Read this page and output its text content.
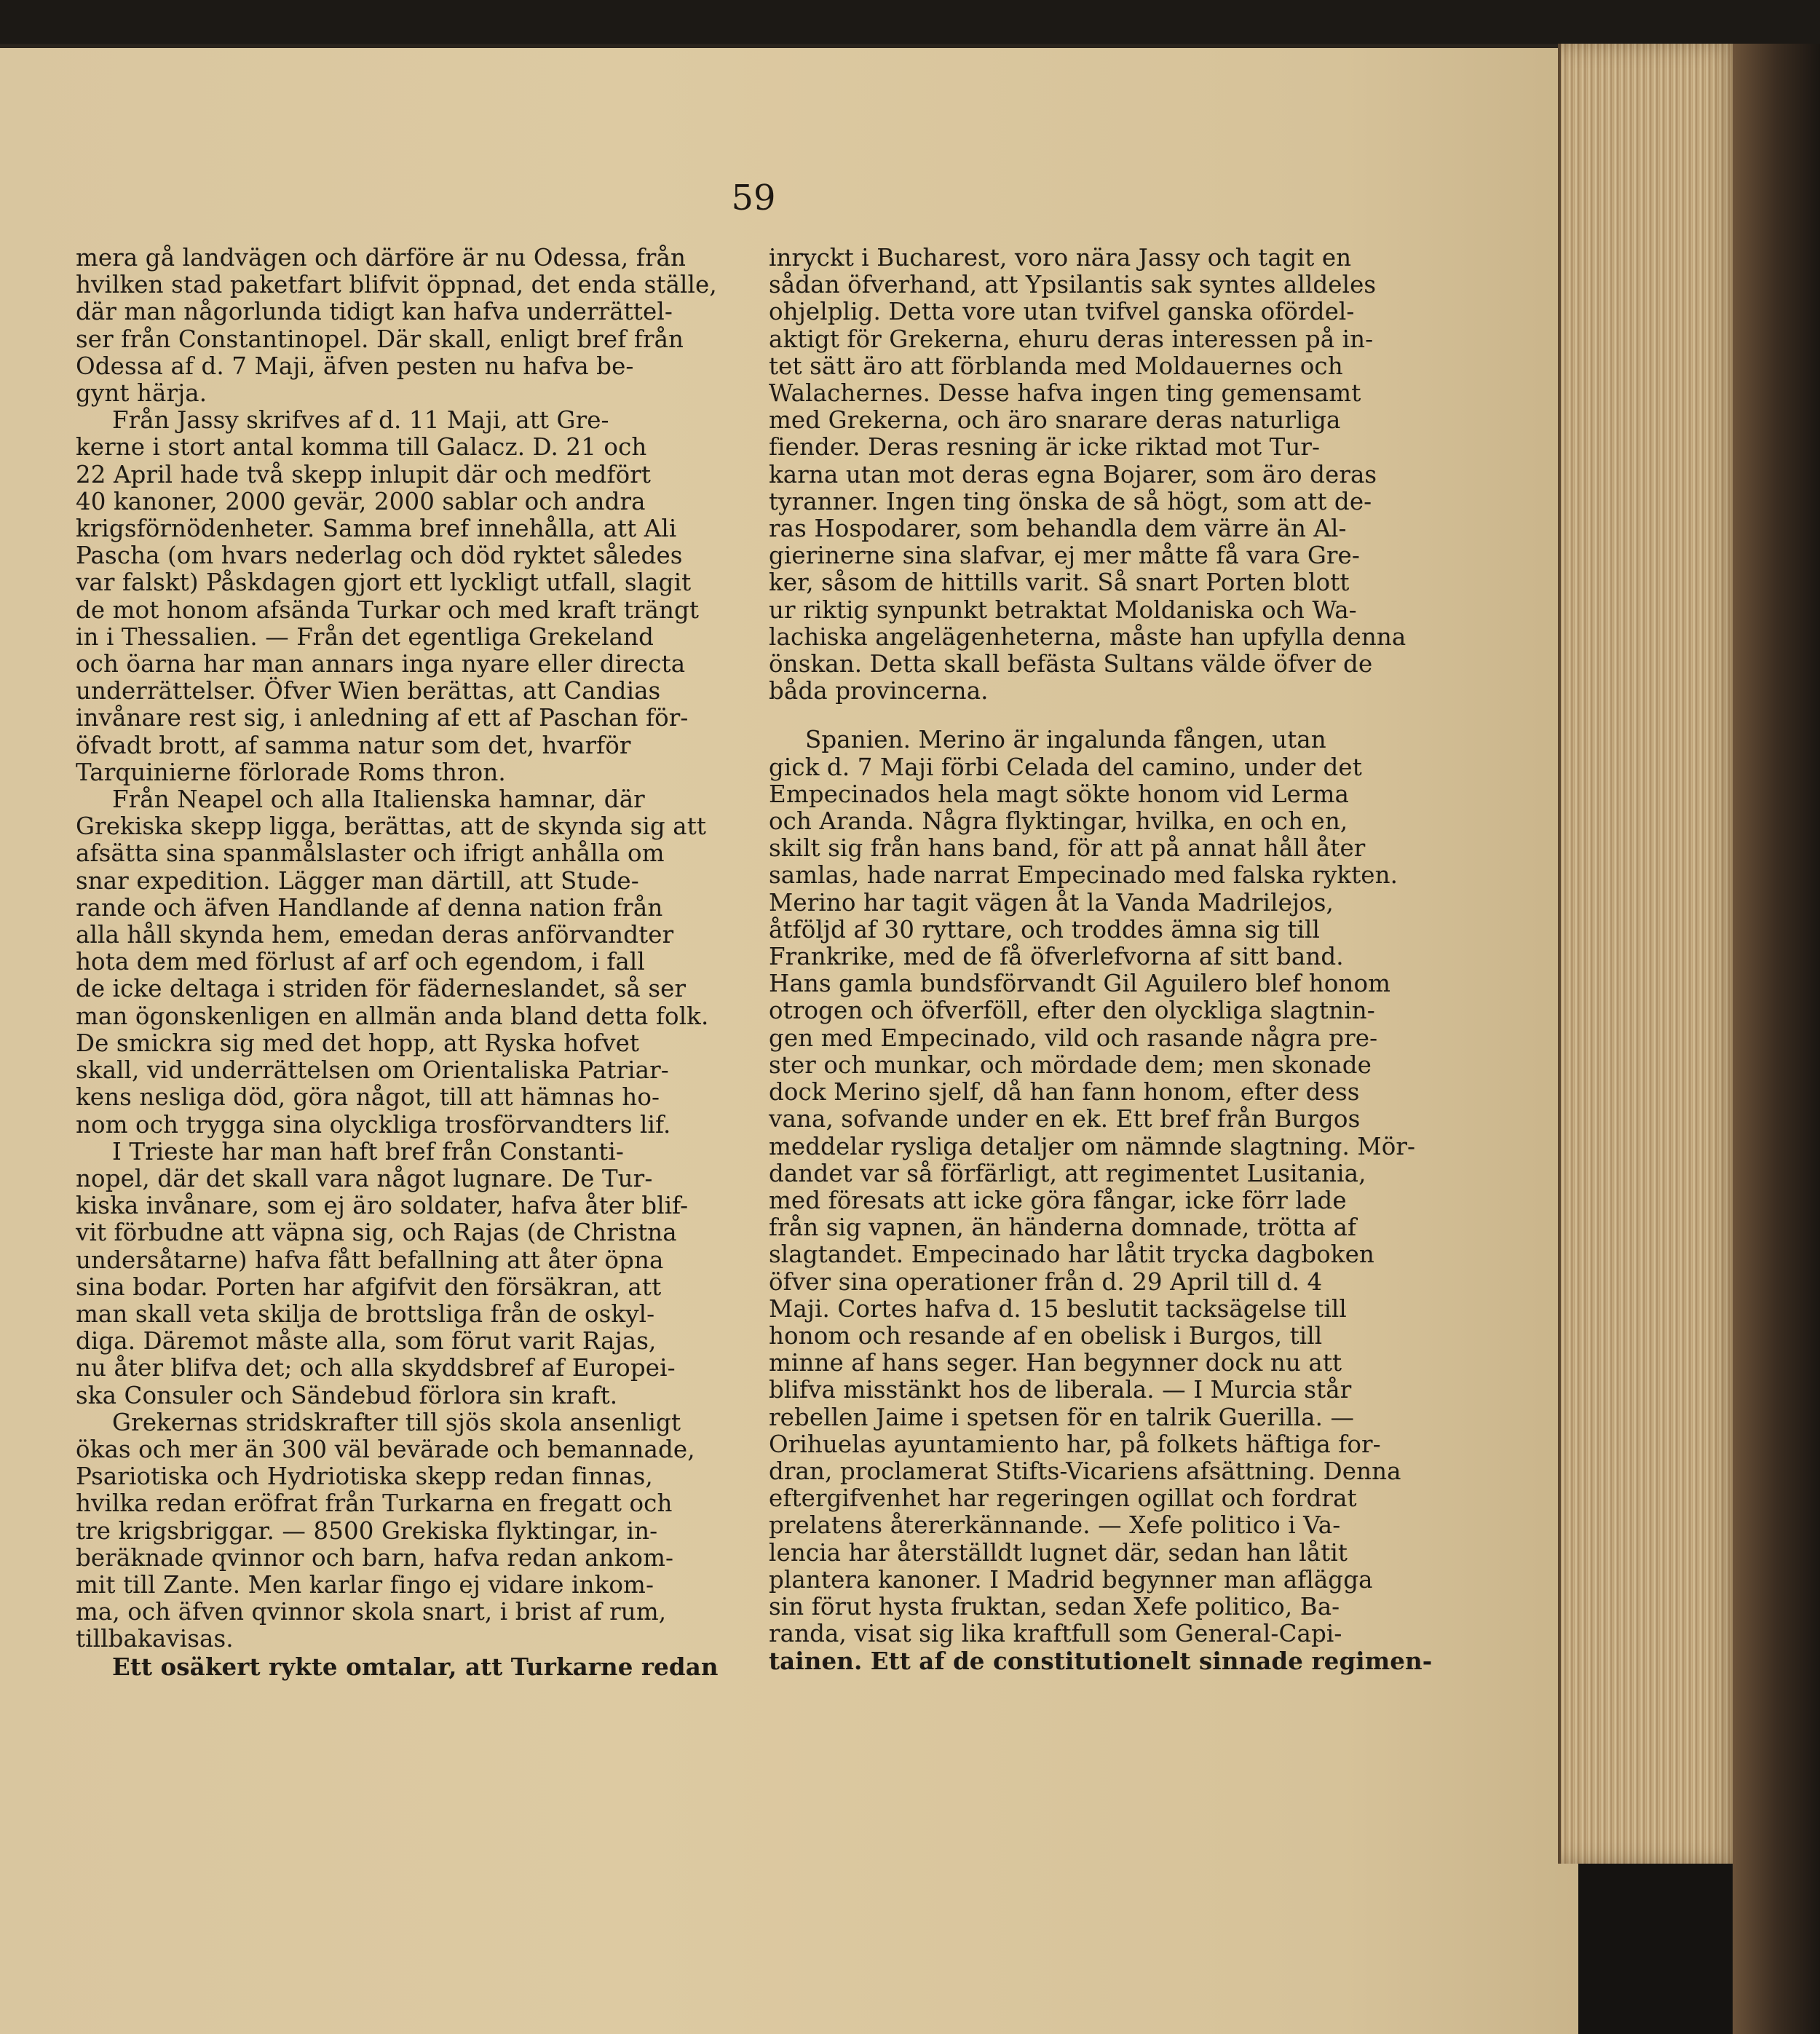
59
mera gå landvägen och därföre är nu Odessa, från
hvilken stad paketfart blifvit öppnad, det enda ställe,
där man någorlunda tidigt kan hafva underrättel-
ser från Constantinopel. Där skall, enligt bref från
Odessa af d. 7 Maji, äfven pesten nu hafva be-
gynt härja.
Från Jassy skrifves af d. 11 Maji, att Gre-
kerne i stort antal komma till Galacz. D. 21 och
22 April hade två skepp inlupit där och medfört
40 kanoner, 2000 gevär, 2000 sablar och andra
krigsförnödenheter. Samma bref innehålla, att Ali
Pascha (om hvars nederlag och död ryktet således
var falskt) Påskdagen gjort ett lyckligt utfall, slagit
de mot honom afsända Turkar och med kraft trängt
in i Thessalien. — Från det egentliga Grekeland
och öarna har man annars inga nyare eller directa
underrättelser. Öfver Wien berättas, att Candias
invånare rest sig, i anledning af ett af Paschan för-
öfvadt brott, af samma natur som det, hvarför
Tarquinierne förlorade Roms thron.
Från Neapel och alla Italienska hamnar, där
Grekiska skepp ligga, berättas, att de skynda sig att
afsätta sina spanmålslaster och ifrigt anhålla om
snar expedition. Lägger man därtill, att Stude-
rande och äfven Handlande af denna nation från
alla håll skynda hem, emedan deras anförvandter
hota dem med förlust af arf och egendom, i fall
de icke deltaga i striden för fäderneslandet, så ser
man ögonskenligen en allmän anda bland detta folk.
De smickra sig med det hopp, att Ryska hofvet
skall, vid underrättelsen om Orientaliska Patriar-
kens nesliga död, göra något, till att hämnas ho-
nom och trygga sina olyckliga trosförvandters lif.
I Trieste har man haft bref från Constanti-
nopel, där det skall vara något lugnare. De Tur-
kiska invånare, som ej äro soldater, hafva åter blif-
vit förbudne att väpna sig, och Rajas (de Christna
undersåtarne) hafva fått befallning att åter öpna
sina bodar. Porten har afgifvit den försäkran, att
man skall veta skilja de brottsliga från de oskyl-
diga. Däremot måste alla, som förut varit Rajas,
nu åter blifva det; och alla skyddsbref af Europei-
ska Consuler och Sändebud förlora sin kraft.
Grekernas stridskrafter till sjös skola ansenligt
ökas och mer än 300 väl bevärade och bemannade,
Psariotiska och Hydriotiska skepp redan finnas,
hvilka redan eröfrat från Turkarna en fregatt och
tre krigsbriggar. — 8500 Grekiska flyktingar, in-
beräknade qvinnor och barn, hafva redan ankom-
mit till Zante. Men karlar fingo ej vidare inkom-
ma, och äfven qvinnor skola snart, i brist af rum,
tillbakavisas.
Ett osäkert rykte omtalar, att Turkarne redan
inryckt i Bucharest, voro nära Jassy och tagit en
sådan öfverhand, att Ypsilantis sak syntes alldeles
ohjelplig. Detta vore utan tvifvel ganska ofördel-
aktigt för Grekerna, ehuru deras interessen på in-
tet sätt äro att förblanda med Moldauernes och
Walachernes. Desse hafva ingen ting gemensamt
med Grekerna, och äro snarare deras naturliga
fiender. Deras resning är icke riktad mot Tur-
karna utan mot deras egna Bojarer, som äro deras
tyranner. Ingen ting önska de så högt, som att de-
ras Hospodarer, som behandla dem värre än Al-
gierinerne sina slafvar, ej mer måtte få vara Gre-
ker, såsom de hittills varit. Så snart Porten blott
ur riktig synpunkt betraktat Moldaniska och Wa-
lachiska angelägenheterna, måste han upfylla denna
önskan. Detta skall befästa Sultans välde öfver de
båda provincerna.
Spanien. Merino är ingalunda fången, utan
gick d. 7 Maji förbi Celada del camino, under det
Empecinados hela magt sökte honom vid Lerma
och Aranda. Några flyktingar, hvilka, en och en,
skilt sig från hans band, för att på annat håll åter
samlas, hade narrat Empecinado med falska rykten.
Merino har tagit vägen åt la Vanda Madrilejos,
åtföljd af 30 ryttare, och troddes ämna sig till
Frankrike, med de få öfverlefvorna af sitt band.
Hans gamla bundsförvandt Gil Aguilero blef honom
otrogen och öfverföll, efter den olyckliga slagtnin-
gen med Empecinado, vild och rasande några pre-
ster och munkar, och mördade dem; men skonade
dock Merino sjelf, då han fann honom, efter dess
vana, sofvande under en ek. Ett bref från Burgos
meddelar rysliga detaljer om nämnde slagtning. Mör-
dandet var så förfärligt, att regimentet Lusitania,
med föresats att icke göra fångar, icke förr lade
från sig vapnen, än händerna domnade, trötta af
slagtandet. Empecinado har låtit trycka dagboken
öfver sina operationer från d. 29 April till d. 4
Maji. Cortes hafva d. 15 beslutit tacksägelse till
honom och resande af en obelisk i Burgos, till
minne af hans seger. Han begynner dock nu att
blifva misstänkt hos de liberala. — I Murcia står
rebellen Jaime i spetsen för en talrik Guerilla. —
Orihuelas ayuntamiento har, på folkets häftiga for-
dran, proclamerat Stifts-Vicariens afsättning. Denna
eftergifvenhet har regeringen ogillat och fordrat
prelatens återerkännande. — Xefe politico i Va-
lencia har återställdt lugnet där, sedan han låtit
plantera kanoner. I Madrid begynner man aflägga
sin förut hysta fruktan, sedan Xefe politico, Ba-
randa, visat sig lika kraftfull som General-Capi-
tainen. Ett af de constitutionelt sinnade regimen-
